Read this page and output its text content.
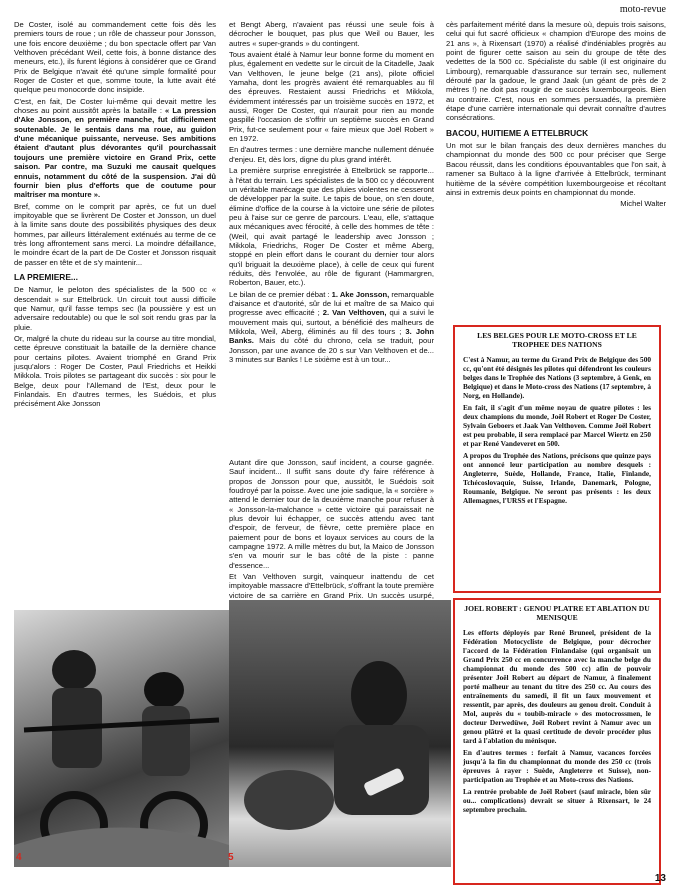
moto-revue

De Coster, isolé au commandement cette fois dès les premiers tours de roue ; un rôle de chasseur pour Jonsson, une fois encore deuxième ; du bon spectacle offert par Van Velthoven précédant Weil, cette fois, à bonne distance des meneurs, etc.), ils furent légions à considérer que ce Grand Prix de Belgique n'avait été qu'une simple formalité pour Roger de Coster et que, somme toute, la lutte avait été quelque peu monocorde donc insipide.

C'est, en fait, De Coster lui-même qui devait mettre les choses au point aussitôt après la bataille : « La pression d'Ake Jonsson, en première manche, fut difficilement soutenable. Je le sentais dans ma roue, au guidon d'une mécanique puissante, nerveuse. Ses ambitions étaient d'autant plus dévorantes qu'il pourchassait toujours une première victoire en Grand Prix, cette saison. Par contre, ma Suzuki me causait quelques ennuis, notamment du côté de la suspension. J'ai dû fournir bien plus d'efforts que de coutume pour maîtriser ma monture ».

Bref, comme on le comprit par après, ce fut un duel impitoyable que se livrèrent De Coster et Jonsson, un duel à la limite sans doute des possibilités physiques des deux hommes, par ailleurs littéralement exténués au terme de ce très long affrontement sans merci. La moindre défaillance, le moindre écart de la part de De Coster et Jonsson risquait de passer en tête et de s'y maintenir...

LA PREMIERE...

De Namur, le peloton des spécialistes de la 500 cc « descendait » sur Ettelbrück. Un circuit tout aussi difficile que Namur, qu'il fasse temps sec (la poussière y est un adversaire redoutable) ou que le sol soit rendu gras par la pluie.

Or, malgré la chute du rideau sur la course au titre mondial, cette épreuve constituait la bataille de la dernière chance pour certains pilotes. Avaient triomphé en Grand Prix jusqu'alors : Roger De Coster, Paul Friedrichs et Heikki Mikkola. Trois pilotes se partageant dix succès : six pour le Belge, deux pour l'Allemand de l'Est, deux pour le Finlandais. En d'autres termes, les Suédois, et plus précisément Ake Jonsson

et Bengt Aberg, n'avaient pas réussi une seule fois à décrocher le bouquet, pas plus que Weil ou Bauer, les autres « super-grands » du contingent.

Tous avaient étalé à Namur leur bonne forme du moment en plus, également en vedette sur le circuit de la Citadelle, Jaak Van Velthoven, le jeune belge (21 ans), pilote officiel Yamaha, dont les progrès avaient été remarquables au fil des épreuves. Restaient aussi Friedrichs et Mikkola, évidemment intéressés par un troisième succès en 1972, et aussi, Roger De Coster, qui n'aurait pour rien au monde gaspillé l'occasion de s'offrir un septième succès en Grand Prix, fut-ce seulement pour « faire mieux que Joël Robert » en 1972.

En d'autres termes : une dernière manche nullement dénuée d'enjeu. Et, dès lors, digne du plus grand intérêt.

La première surprise enregistrée à Ettelbrück se rapporte... à l'état du terrain. Les spécialistes de la 500 cc y découvrent un véritable marécage que des pluies violentes ne cesseront de développer par la suite. Le tapis de boue, on s'en doute, élimine d'office de la course à la victoire une série de pilotes peu à l'aise sur ce genre de parcours. L'eau, elle, s'attaque aux mécaniques avec férocité, à celle des hommes de tête : (Weil, qui avait partagé le leadership avec Jonsson ; Mikkola, Friedrichs, Roger De Coster et même Aberg, stoppé en plein effort dans le courant du dernier tour alors qu'il briguait la deuxième place), à celle de ceux qui furent réduits, dès l'envolée, au rôle de figurant (Hammargren, Roberton, Bauer, etc.).

Le bilan de ce premier débat : 1. Ake Jonsson, remarquable d'aisance et d'autorité, sûr de lui et maître de sa Maico qui progresse avec efficacité ; 2. Van Velthoven, qui a suivi le mouvement mais qui, surtout, a bénéficié des malheurs de Mikkola, Weil, Aberg, éliminés au fil des tours ; 3. John Banks. Mais du côté du chrono, cela se traduit, pour Jonsson, par une avance de 20 s sur Van Velthoven et de... 3 minutes sur Banks ! Le sixième est à un tour...

Autant dire que Jonsson, sauf incident, a course gagnée. Sauf incident... Il suffit sans doute d'y faire référence à propos de Jonsson pour que, aussitôt, le Suédois soit foudroyé par la poisse. Avec une joie sadique, la « sorcière » attend le dernier tour de la deuxième manche pour refuser à « Jonsson-la-malchance » cette victoire qui paraissait ne plus devoir lui échapper, ce succès attendu avec tant d'espoir, de ferveur, de fièvre, cette première place en paiement pour de bons et loyaux services au cours de la campagne 1972. A mille mètres du but, la Maico de Jonsson s'en va mourir sur le bas côté de la piste : panne d'essence...

Et Van Velthoven surgit, vainqueur inattendu de cet impitoyable massacre d'Ettelbrück, s'offrant la toute première victoire de sa carrière en Grand Prix. Un succès usurpé,

cès parfaitement mérité dans la mesure où, depuis trois saisons, celui qui fut sacré officieux « champion d'Europe des moins de 21 ans », à Rixensart (1970) a réalisé d'indéniables progrès au point de figurer cette saison au sein du groupe de tête des vedettes de la 500 cc. Spécialiste du sable (il est originaire du Limbourg), remarquable d'assurance sur terrain sec, nullement dérouté par la gadoue, le grand Jaak (un géant de près de 2 mètres !) ne doit pas rougir de ce succès luxembourgeois. Bien au contraire. C'est, nous en sommes persuadés, la première étape d'une carrière internationale qui devrait connaître d'autres consécrations.

BACOU, HUITIEME A ETTELBRUCK

Un mot sur le bilan français des deux dernières manches du championnat du monde des 500 cc pour préciser que Serge Bacou réussit, dans les conditions épouvantables que l'on sait, à ramener sa Bultaco à la ligne d'arrivée à Ettelbrück, terminant huitième de la sévère compétition luxembourgeoise et récoltant ainsi in extremis deux points en championnat du monde.

Michel Walter

LES BELGES POUR LE MOTO-CROSS ET LE TROPHEE DES NATIONS

C'est à Namur, au terme du Grand Prix de Belgique des 500 cc, qu'ont été désignés les pilotes qui défendront les couleurs belges dans le Trophée des Nations (3 septembre, à Genk, en Belgique) et dans le Moto-cross des Nations (17 septembre, à Norg, en Hollande).

En fait, il s'agit d'un même noyau de quatre pilotes : les deux champions du monde, Joël Robert et Roger De Coster, Sylvain Geboers et Jaak Van Velthoven. Comme Joël Robert est peu probable, il sera remplacé par Marcel Wiertz en 250 et par René Vandeveret en 500.

A propos du Trophée des Nations, précisons que quinze pays ont annoncé leur participation au nombre desquels : Angleterre, Suède, Hollande, France, Italie, Finlande, Tchécoslovaquie, Suisse, Irlande, Danemark, Pologne, Roumanie, Belgique. Ne seront pas présents : les deux Allemagnes, l'URSS et l'Espagne.

JOEL ROBERT : GENOU PLATRE ET ABLATION DU MENISQUE

Les efforts déployés par René Bruneel, président de la Fédération Motocycliste de Belgique, pour décrocher l'accord de la Fédération Finlandaise (qui organisait un Grand Prix 250 cc en concurrence avec la manche belge du championnat du monde des 500 cc) afin de pouvoir présenter Joël Robert au départ de Namur, à finalement porté malheur au tenant du titre des 250 cc. Au cours des entraînements du samedi, il fit un faux mouvement et ressentit, par après, des douleurs au genou droit. Conduit à Mol, auprès du « toubib-miracle » des motocrossmen, le docteur Derwedüwe, Joël Robert revint à Namur avec un genou plâtré et la quasi certitude de devoir procéder plus tard à l'ablation du ménisque.

En d'autres termes : forfait à Namur, vacances forcées jusqu'à la fin du championnat du monde des 250 cc (trois épreuves à rayer : Suède, Angleterre et Suisse), non-participation au Trophée et au Moto-cross des Nations.

La rentrée probable de Joël Robert (sauf miracle, bien sûr ou... complications) devrait se situer à Rixensart, le 24 septembre prochain.

4	5
13
